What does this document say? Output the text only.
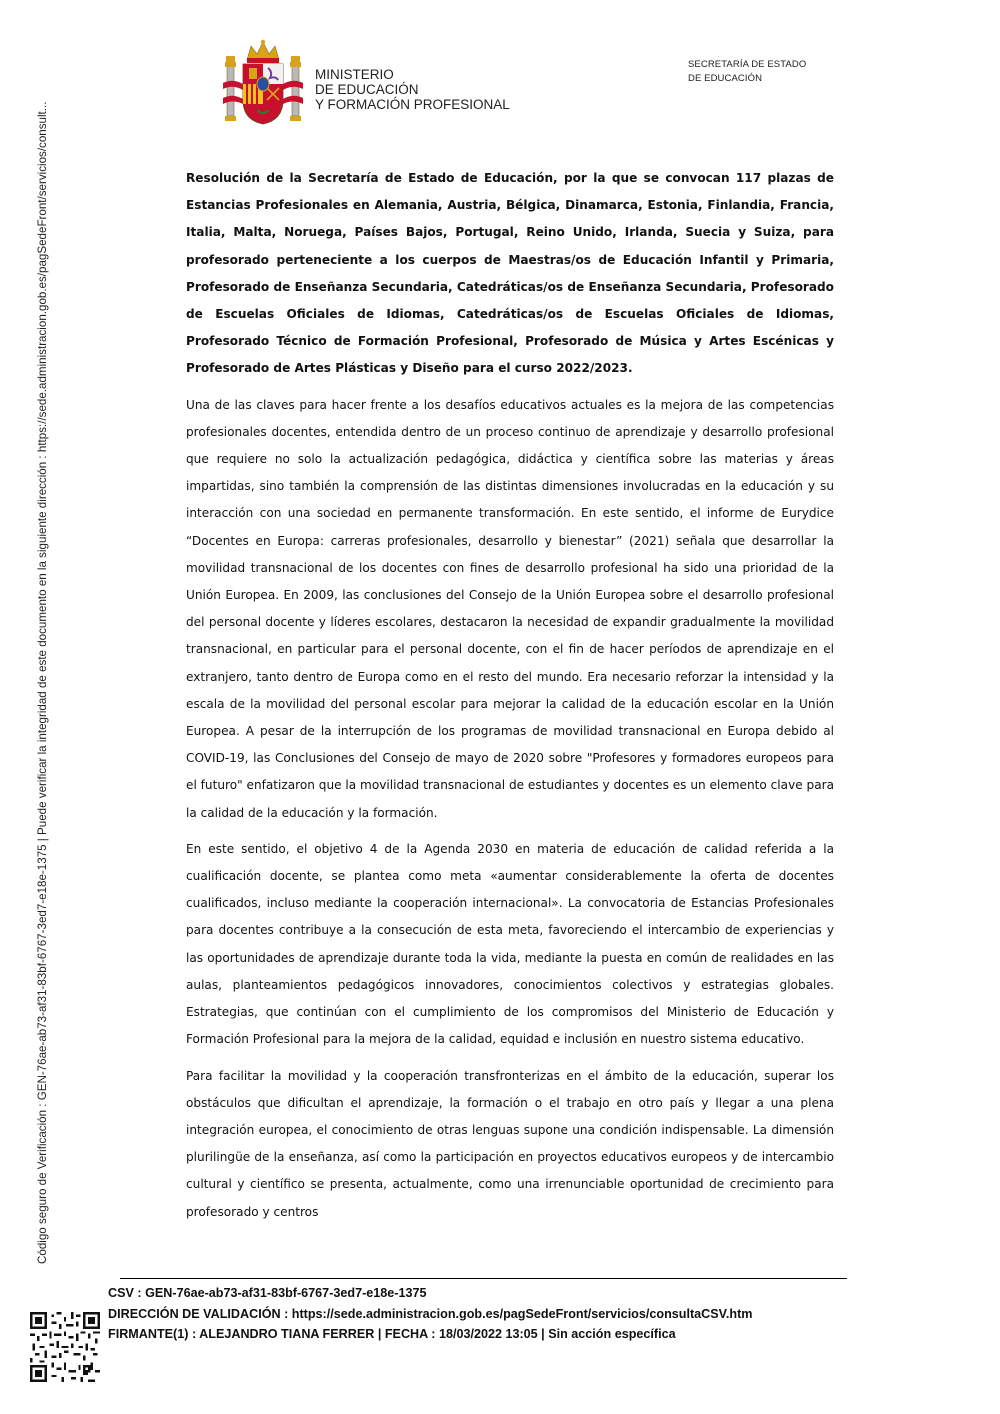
Código seguro de Verificación : GEN-76ae-ab73-af31-83bf-6767-3ed7-e18e-1375 | Puede verificar la integridad de este documento en la siguiente dirección : https://sede.administracion.gob.es/pagSedeFront/servicios/consult...
MINISTERIO
DE EDUCACIÓN
Y FORMACIÓN PROFESIONAL
SECRETARÍA DE ESTADO
DE EDUCACIÓN

Resolución de la Secretaría de Estado de Educación, por la que se convocan 117 plazas de Estancias Profesionales en Alemania, Austria, Bélgica, Dinamarca, Estonia, Finlandia, Francia, Italia, Malta, Noruega, Países Bajos, Portugal, Reino Unido, Irlanda, Suecia y Suiza, para profesorado perteneciente a los cuerpos de Maestras/os de Educación Infantil y Primaria, Profesorado de Enseñanza Secundaria, Catedráticas/os de Enseñanza Secundaria, Profesorado de Escuelas Oficiales de Idiomas, Catedráticas/os de Escuelas Oficiales de Idiomas, Profesorado Técnico de Formación Profesional, Profesorado de Música y Artes Escénicas y Profesorado de Artes Plásticas y Diseño para el curso 2022/2023.

Una de las claves para hacer frente a los desafíos educativos actuales es la mejora de las competencias profesionales docentes, entendida dentro de un proceso continuo de aprendizaje y desarrollo profesional que requiere no solo la actualización pedagógica, didáctica y científica sobre las materias y áreas impartidas, sino también la comprensión de las distintas dimensiones involucradas en la educación y su interacción con una sociedad en permanente transformación. En este sentido, el informe de Eurydice “Docentes en Europa: carreras profesionales, desarrollo y bienestar” (2021) señala que desarrollar la movilidad transnacional de los docentes con fines de desarrollo profesional ha sido una prioridad de la Unión Europea. En 2009, las conclusiones del Consejo de la Unión Europea sobre el desarrollo profesional del personal docente y líderes escolares, destacaron la necesidad de expandir gradualmente la movilidad transnacional, en particular para el personal docente, con el fin de hacer períodos de aprendizaje en el extranjero, tanto dentro de Europa como en el resto del mundo. Era necesario reforzar la intensidad y la escala de la movilidad del personal escolar para mejorar la calidad de la educación escolar en la Unión Europea. A pesar de la interrupción de los programas de movilidad transnacional en Europa debido al COVID-19, las Conclusiones del Consejo de mayo de 2020 sobre "Profesores y formadores europeos para el futuro" enfatizaron que la movilidad transnacional de estudiantes y docentes es un elemento clave para la calidad de la educación y la formación.

En este sentido, el objetivo 4 de la Agenda 2030 en materia de educación de calidad referida a la cualificación docente, se plantea como meta «aumentar considerablemente la oferta de docentes cualificados, incluso mediante la cooperación internacional». La convocatoria de Estancias Profesionales para docentes contribuye a la consecución de esta meta, favoreciendo el intercambio de experiencias y las oportunidades de aprendizaje durante toda la vida, mediante la puesta en común de realidades en las aulas, planteamientos pedagógicos innovadores, conocimientos colectivos y estrategias globales. Estrategias, que continúan con el cumplimiento de los compromisos del Ministerio de Educación y Formación Profesional para la mejora de la calidad, equidad e inclusión en nuestro sistema educativo.

Para facilitar la movilidad y la cooperación transfronterizas en el ámbito de la educación, superar los obstáculos que dificultan el aprendizaje, la formación o el trabajo en otro país y llegar a una plena integración europea, el conocimiento de otras lenguas supone una condición indispensable. La dimensión plurilingüe de la enseñanza, así como la participación en proyectos educativos europeos y de intercambio cultural y científico se presenta, actualmente, como una irrenunciable oportunidad de crecimiento para profesorado y centros

CSV : GEN-76ae-ab73-af31-83bf-6767-3ed7-e18e-1375
DIRECCIÓN DE VALIDACIÓN : https://sede.administracion.gob.es/pagSedeFront/servicios/consultaCSV.htm
FIRMANTE(1) : ALEJANDRO TIANA FERRER | FECHA : 18/03/2022 13:05 | Sin acción específica
